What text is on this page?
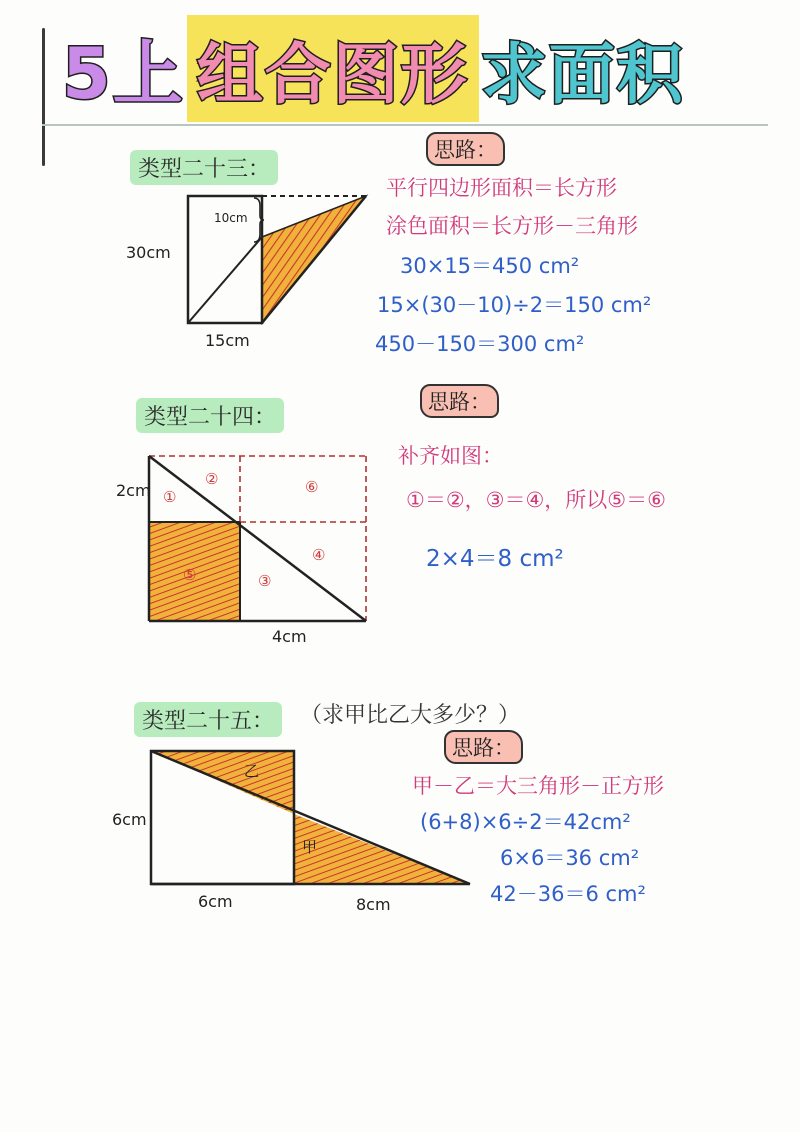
5上 组合图形 求面积
30cm
15cm
10cm
2cm
4cm
①
②
③
④
⑤
⑥
6cm
6cm	8cm
乙
甲
类型二十三：
思路：
平行四边形面积＝长方形
涂色面积＝长方形－三角形
30×15＝450 cm²
15×(30－10)÷2＝150 cm²
450－150＝300 cm²
类型二十四：
思路：
补齐如图：
①＝②，③＝④，所以⑤＝⑥
2×4＝8 cm²
类型二十五：	（求甲比乙大多少？）
思路：
甲－乙＝大三角形－正方形
(6+8)×6÷2＝42cm²
6×6＝36 cm²
42－36＝6 cm²
